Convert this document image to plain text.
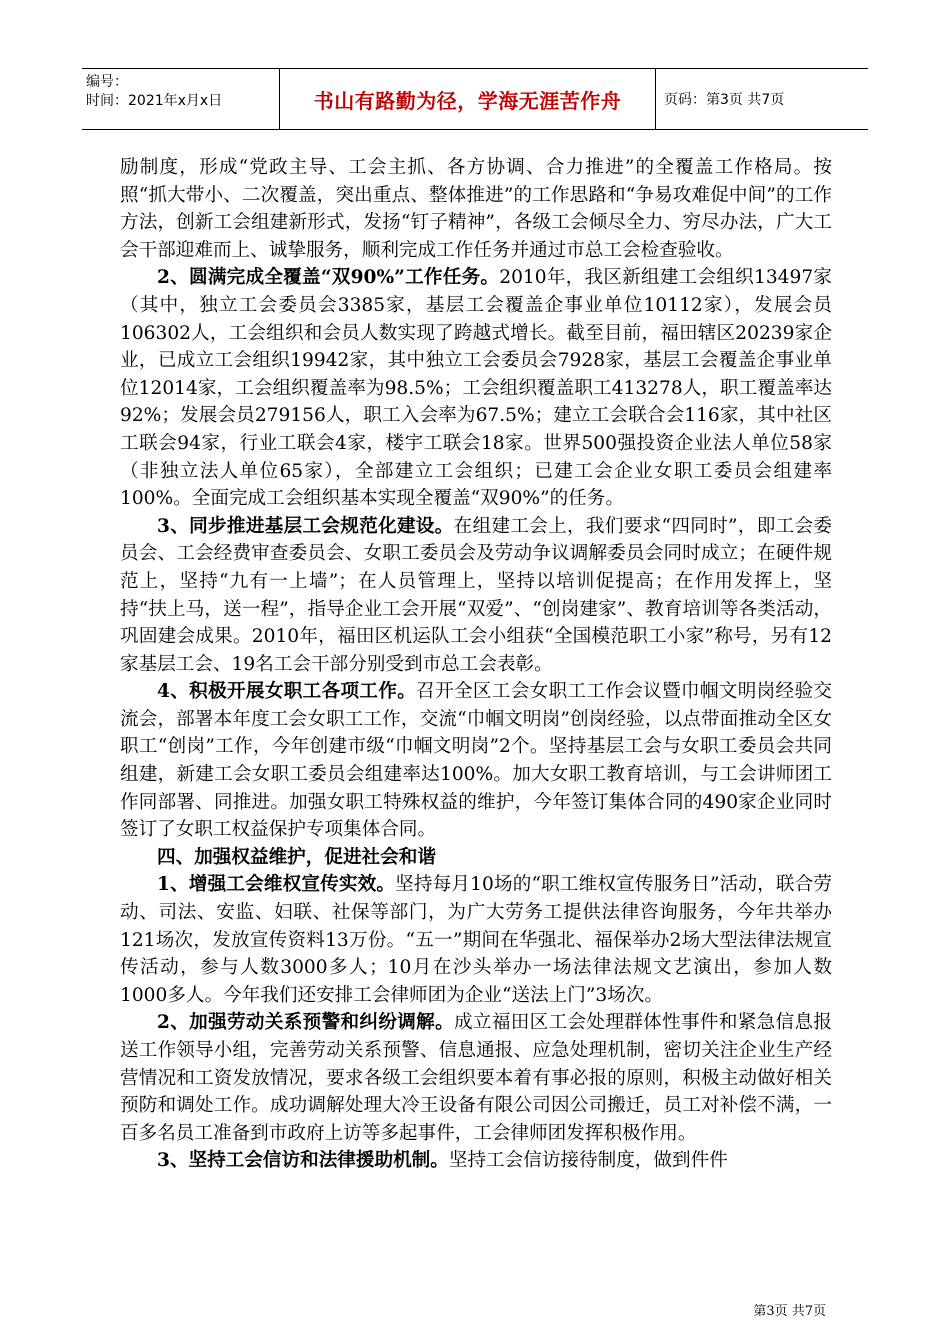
编号：
时间：2021年x月x日	书山有路勤为径，学海无涯苦作舟	页码：第3页 共7页

励制度，形成“党政主导、工会主抓、各方协调、合力推进”的全覆盖工作格局。按照“抓大带小、二次覆盖，突出重点、整体推进”的工作思路和“争易攻难促中间”的工作方法，创新工会组建新形式，发扬“钉子精神”，各级工会倾尽全力、穷尽办法，广大工会干部迎难而上、诚挚服务，顺利完成工作任务并通过市总工会检查验收。

2、圆满完成全覆盖“双90%”工作任务。2010年，我区新组建工会组织13497家（其中，独立工会委员会3385家，基层工会覆盖企事业单位10112家），发展会员106302人，工会组织和会员人数实现了跨越式增长。截至目前，福田辖区20239家企业，已成立工会组织19942家，其中独立工会委员会7928家，基层工会覆盖企事业单位12014家，工会组织覆盖率为98.5%；工会组织覆盖职工413278人，职工覆盖率达92%；发展会员279156人，职工入会率为67.5%；建立工会联合会116家，其中社区工联会94家，行业工联会4家，楼宇工联会18家。世界500强投资企业法人单位58家（非独立法人单位65家），全部建立工会组织；已建工会企业女职工委员会组建率100%。全面完成工会组织基本实现全覆盖“双90%”的任务。

3、同步推进基层工会规范化建设。在组建工会上，我们要求“四同时”，即工会委员会、工会经费审查委员会、女职工委员会及劳动争议调解委员会同时成立；在硬件规范上，坚持“九有一上墙”；在人员管理上，坚持以培训促提高；在作用发挥上，坚持“扶上马，送一程”，指导企业工会开展“双爱”、“创岗建家”、教育培训等各类活动，巩固建会成果。2010年，福田区机运队工会小组获“全国模范职工小家”称号，另有12家基层工会、19名工会干部分别受到市总工会表彰。

4、积极开展女职工各项工作。召开全区工会女职工工作会议暨巾帼文明岗经验交流会，部署本年度工会女职工工作，交流“巾帼文明岗”创岗经验，以点带面推动全区女职工“创岗”工作，今年创建市级“巾帼文明岗”2个。坚持基层工会与女职工委员会共同组建，新建工会女职工委员会组建率达100%。加大女职工教育培训，与工会讲师团工作同部署、同推进。加强女职工特殊权益的维护，今年签订集体合同的490家企业同时签订了女职工权益保护专项集体合同。

四、加强权益维护，促进社会和谐

1、增强工会维权宣传实效。坚持每月10场的“职工维权宣传服务日”活动，联合劳动、司法、安监、妇联、社保等部门，为广大劳务工提供法律咨询服务，今年共举办121场次，发放宣传资料13万份。“五一”期间在华强北、福保举办2场大型法律法规宣传活动，参与人数3000多人；10月在沙头举办一场法律法规文艺演出，参加人数1000多人。今年我们还安排工会律师团为企业“送法上门”3场次。

2、加强劳动关系预警和纠纷调解。成立福田区工会处理群体性事件和紧急信息报送工作领导小组，完善劳动关系预警、信息通报、应急处理机制，密切关注企业生产经营情况和工资发放情况，要求各级工会组织要本着有事必报的原则，积极主动做好相关预防和调处工作。成功调解处理大冷王设备有限公司因公司搬迁，员工对补偿不满，一百多名员工准备到市政府上访等多起事件，工会律师团发挥积极作用。

3、坚持工会信访和法律援助机制。坚持工会信访接待制度，做到件件

第3页 共7页
